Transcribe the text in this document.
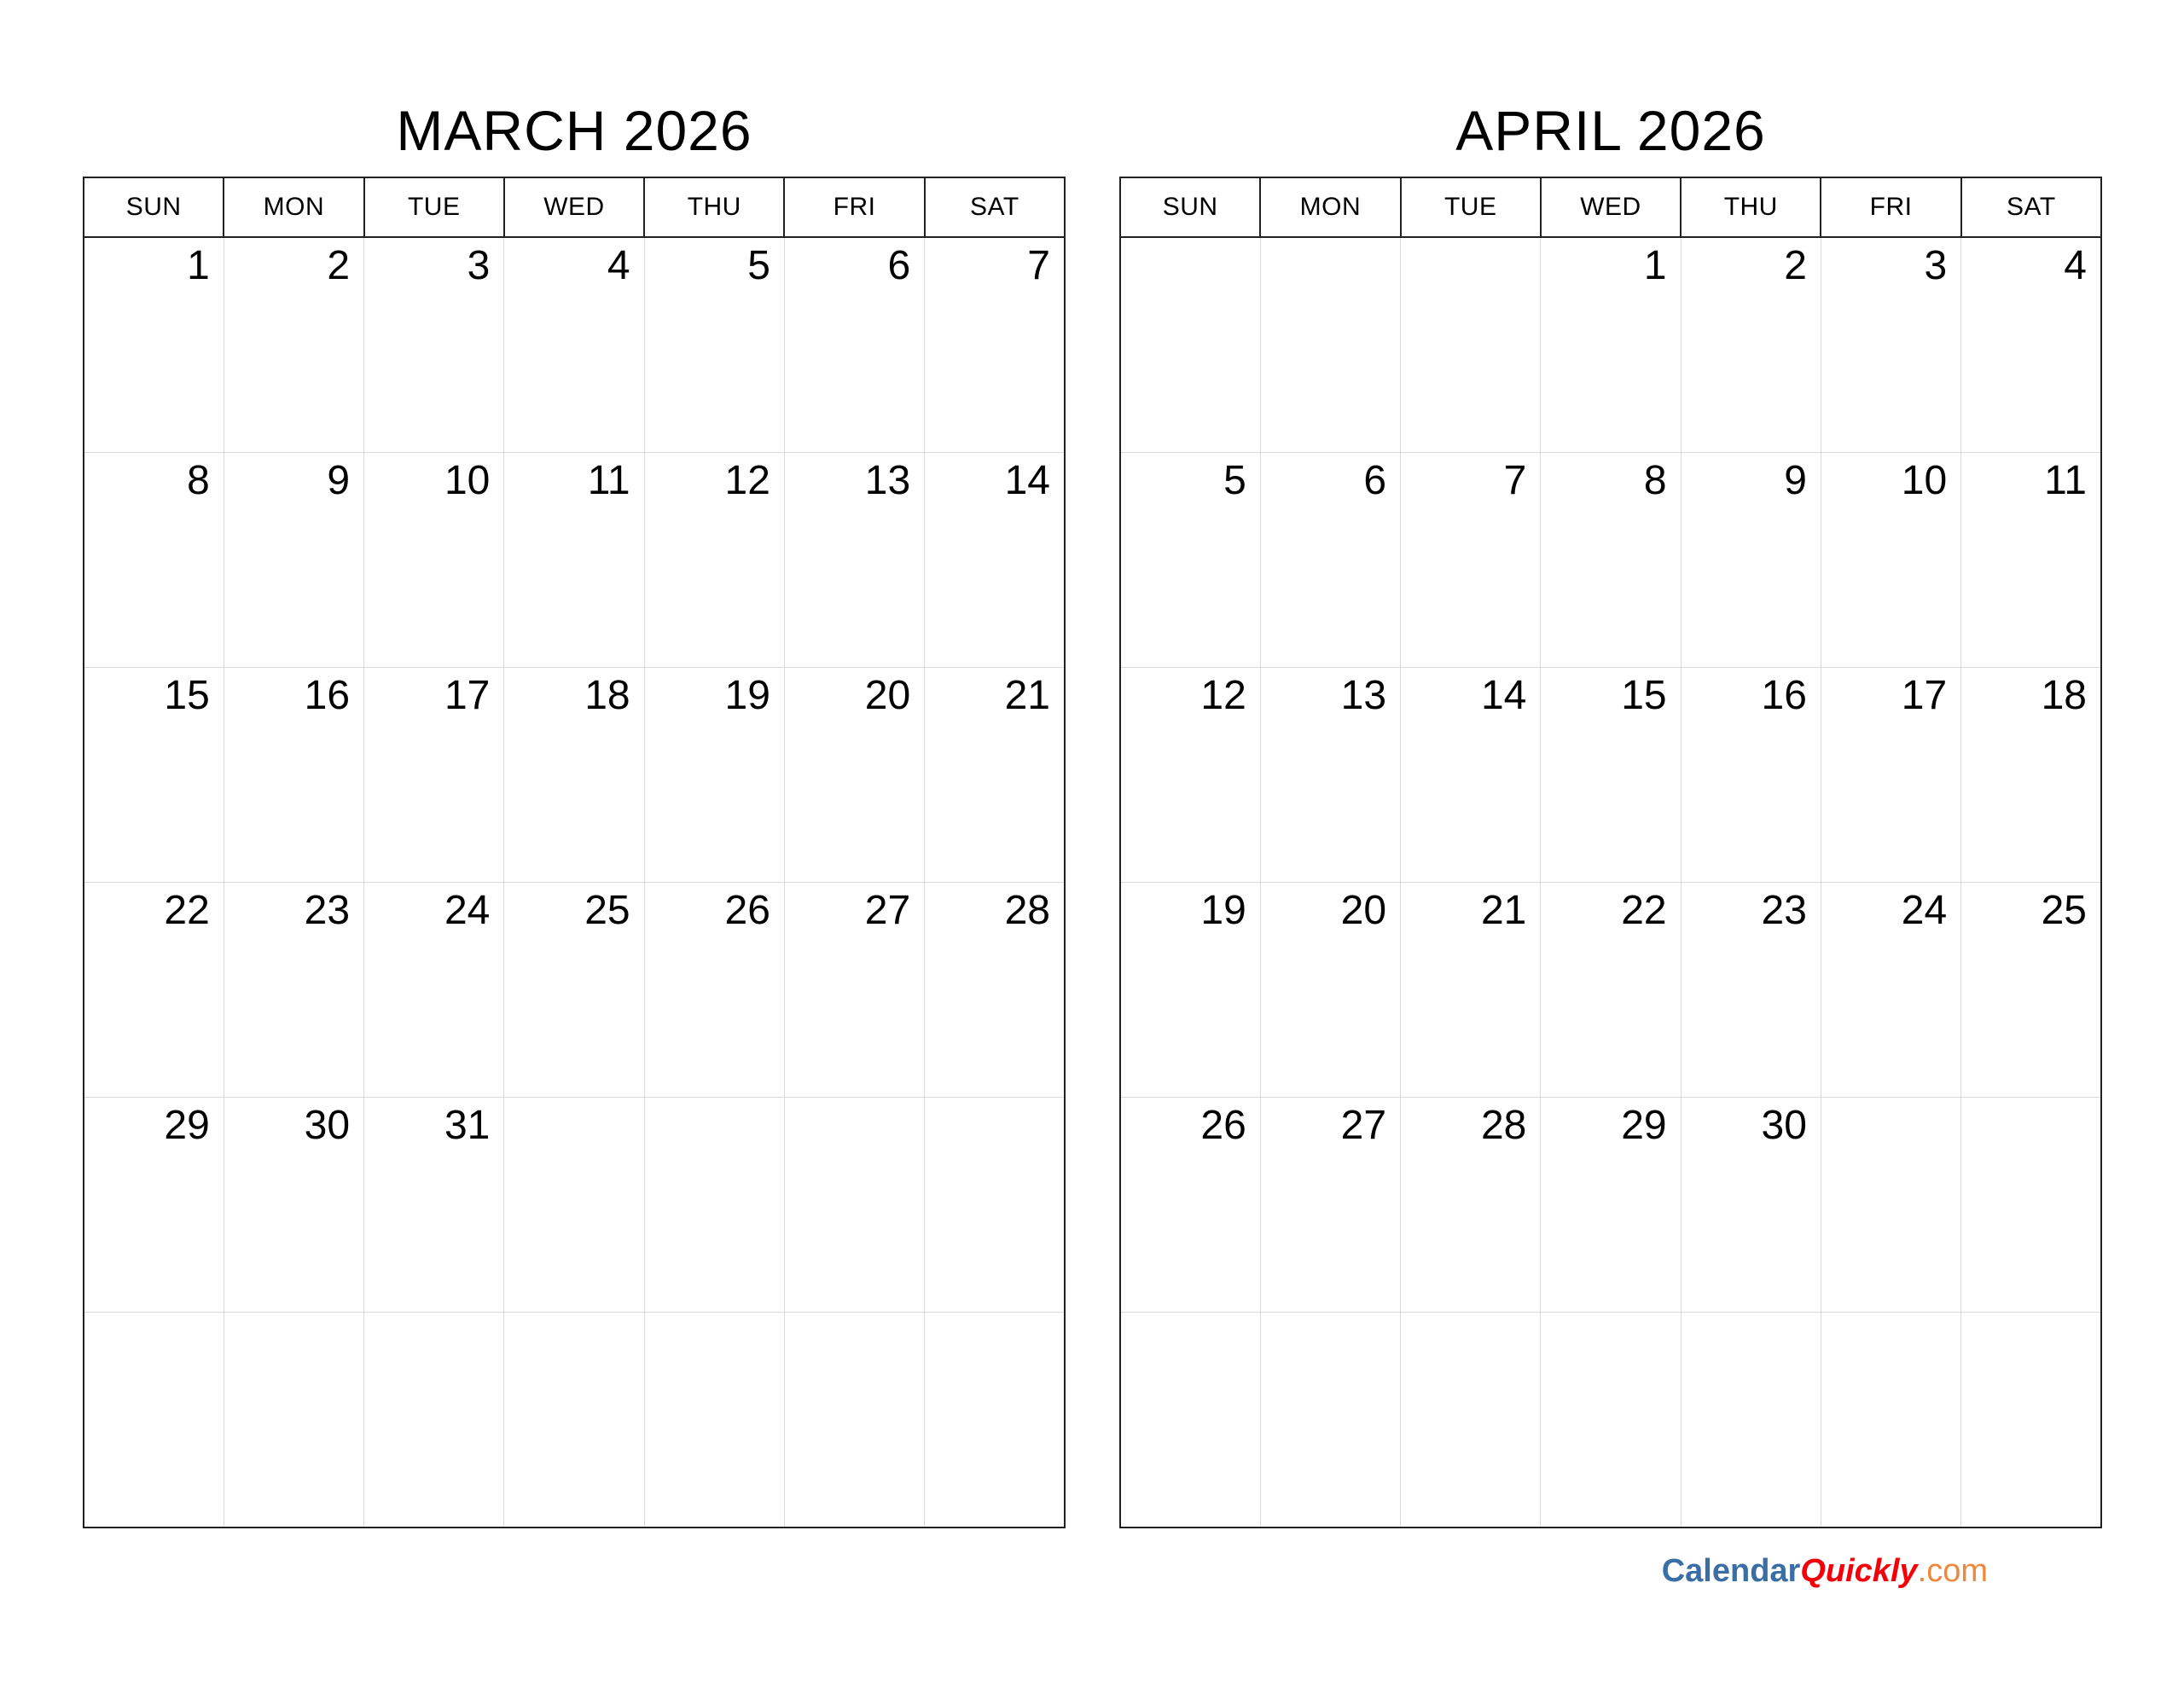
MARCH 2026
SUN	MON	TUE	WED	THU	FRI	SAT
1	2	3	4	5	6	7
8	9	10	11	12	13	14
15	16	17	18	19	20	21
22	23	24	25	26	27	28
29	30	31				

APRIL 2026
SUN	MON	TUE	WED	THU	FRI	SAT
			1	2	3	4
5	6	7	8	9	10	11
12	13	14	15	16	17	18
19	20	21	22	23	24	25
26	27	28	29	30		

CalendarQuickly.com
